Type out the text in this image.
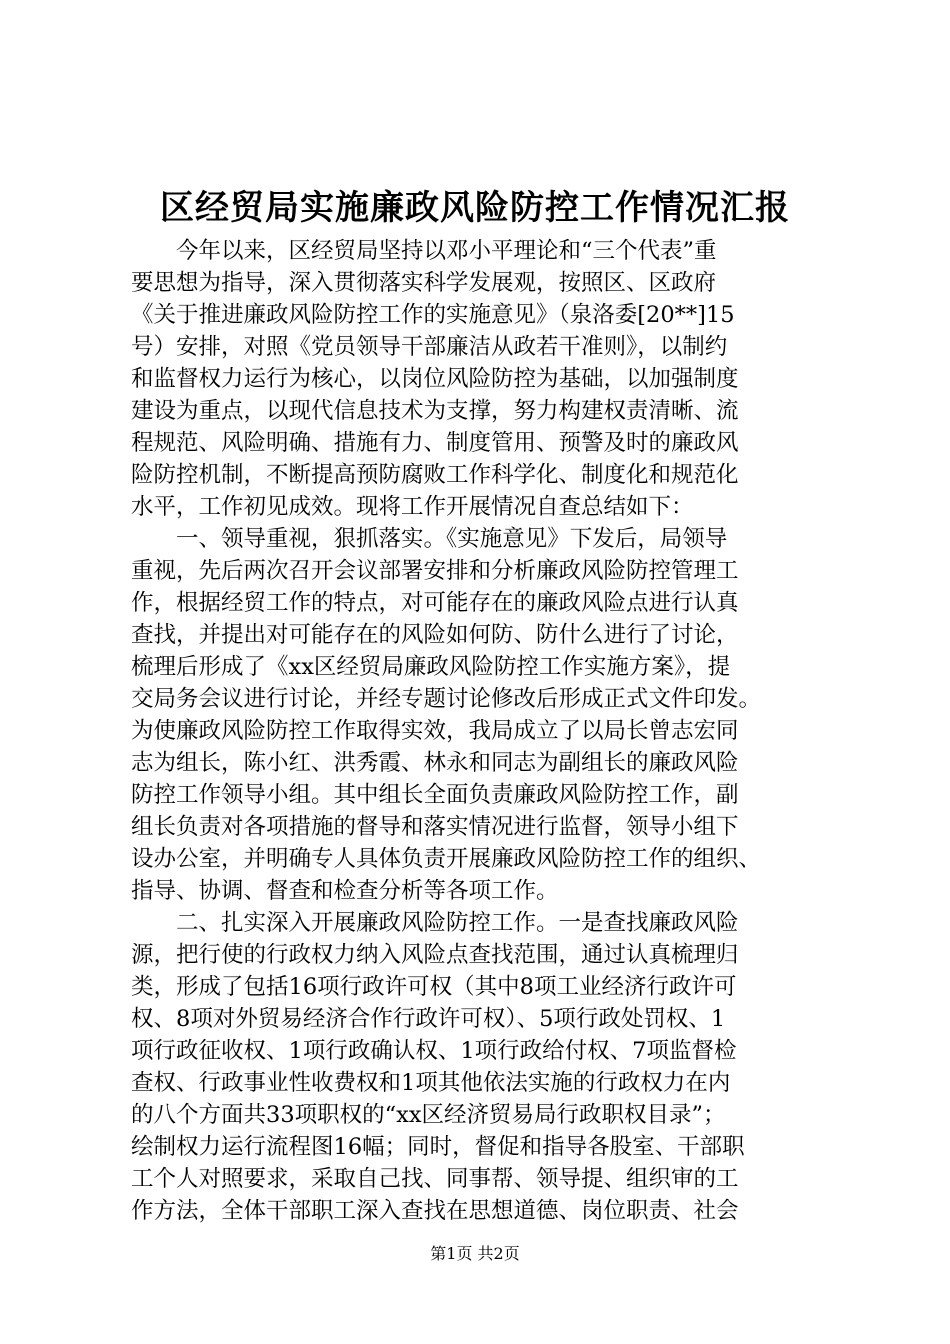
区经贸局实施廉政风险防控工作情况汇报
　　今年以来，区经贸局坚持以邓小平理论和“三个代表”重
要思想为指导，深入贯彻落实科学发展观，按照区、区政府
《关于推进廉政风险防控工作的实施意见》（泉洛委[20**]15
号）安排，对照《党员领导干部廉洁从政若干准则》，以制约
和监督权力运行为核心，以岗位风险防控为基础，以加强制度
建设为重点，以现代信息技术为支撑，努力构建权责清晰、流
程规范、风险明确、措施有力、制度管用、预警及时的廉政风
险防控机制，不断提高预防腐败工作科学化、制度化和规范化
水平，工作初见成效。现将工作开展情况自查总结如下：
　　一、领导重视，狠抓落实。《实施意见》下发后，局领导
重视，先后两次召开会议部署安排和分析廉政风险防控管理工
作，根据经贸工作的特点，对可能存在的廉政风险点进行认真
查找，并提出对可能存在的风险如何防、防什么进行了讨论，
梳理后形成了《xx区经贸局廉政风险防控工作实施方案》，提
交局务会议进行讨论，并经专题讨论修改后形成正式文件印发。
为使廉政风险防控工作取得实效，我局成立了以局长曾志宏同
志为组长，陈小红、洪秀霞、林永和同志为副组长的廉政风险
防控工作领导小组。其中组长全面负责廉政风险防控工作，副
组长负责对各项措施的督导和落实情况进行监督，领导小组下
设办公室，并明确专人具体负责开展廉政风险防控工作的组织、
指导、协调、督查和检查分析等各项工作。
　　二、扎实深入开展廉政风险防控工作。一是查找廉政风险
源，把行使的行政权力纳入风险点查找范围，通过认真梳理归
类，形成了包括16项行政许可权（其中8项工业经济行政许可
权、8项对外贸易经济合作行政许可权）、5项行政处罚权、1
项行政征收权、1项行政确认权、1项行政给付权、7项监督检
查权、行政事业性收费权和1项其他依法实施的行政权力在内
的八个方面共33项职权的“xx区经济贸易局行政职权目录”；
绘制权力运行流程图16幅；同时，督促和指导各股室、干部职
工个人对照要求，采取自己找、同事帮、领导提、组织审的工
作方法，全体干部职工深入查找在思想道德、岗位职责、社会
第1页 共2页
